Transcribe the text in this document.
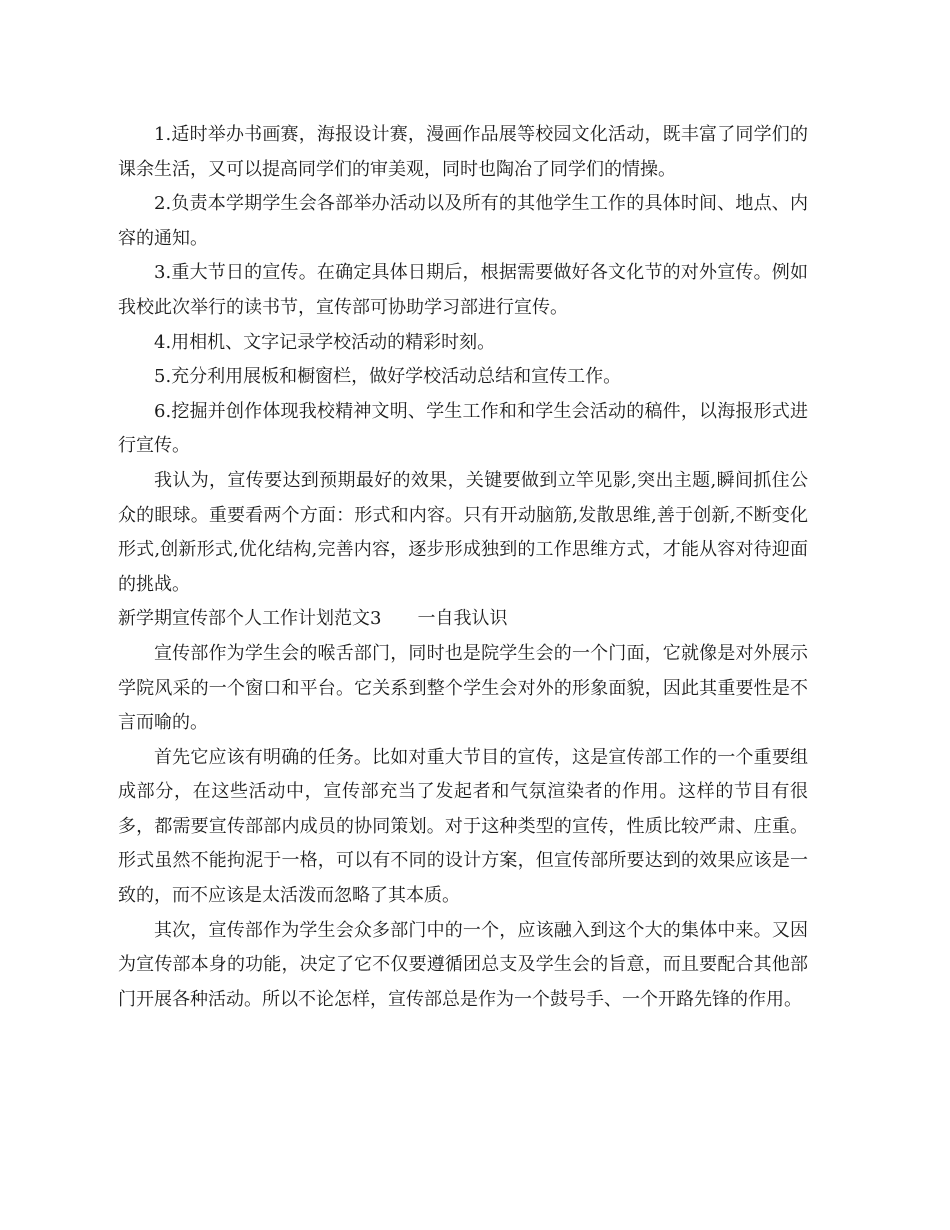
1.适时举办书画赛，海报设计赛，漫画作品展等校园文化活动，既丰富了同学们的课余生活，又可以提高同学们的审美观，同时也陶冶了同学们的情操。

2.负责本学期学生会各部举办活动以及所有的其他学生工作的具体时间、地点、内容的通知。

3.重大节日的宣传。在确定具体日期后，根据需要做好各文化节的对外宣传。例如我校此次举行的读书节，宣传部可协助学习部进行宣传。

4.用相机、文字记录学校活动的精彩时刻。

5.充分利用展板和橱窗栏，做好学校活动总结和宣传工作。

6.挖掘并创作体现我校精神文明、学生工作和和学生会活动的稿件，以海报形式进行宣传。

我认为，宣传要达到预期最好的效果，关键要做到立竿见影,突出主题,瞬间抓住公众的眼球。重要看两个方面：形式和内容。只有开动脑筋,发散思维,善于创新,不断变化形式,创新形式,优化结构,完善内容，逐步形成独到的工作思维方式，才能从容对待迎面的挑战。

新学期宣传部个人工作计划范文3 一自我认识

宣传部作为学生会的喉舌部门，同时也是院学生会的一个门面，它就像是对外展示学院风采的一个窗口和平台。它关系到整个学生会对外的形象面貌，因此其重要性是不言而喻的。

首先它应该有明确的任务。比如对重大节目的宣传，这是宣传部工作的一个重要组成部分，在这些活动中，宣传部充当了发起者和气氛渲染者的作用。这样的节目有很多，都需要宣传部部内成员的协同策划。对于这种类型的宣传，性质比较严肃、庄重。形式虽然不能拘泥于一格，可以有不同的设计方案，但宣传部所要达到的效果应该是一致的，而不应该是太活泼而忽略了其本质。

其次，宣传部作为学生会众多部门中的一个，应该融入到这个大的集体中来。又因为宣传部本身的功能，决定了它不仅要遵循团总支及学生会的旨意，而且要配合其他部门开展各种活动。所以不论怎样，宣传部总是作为一个鼓号手、一个开路先锋的作用。
